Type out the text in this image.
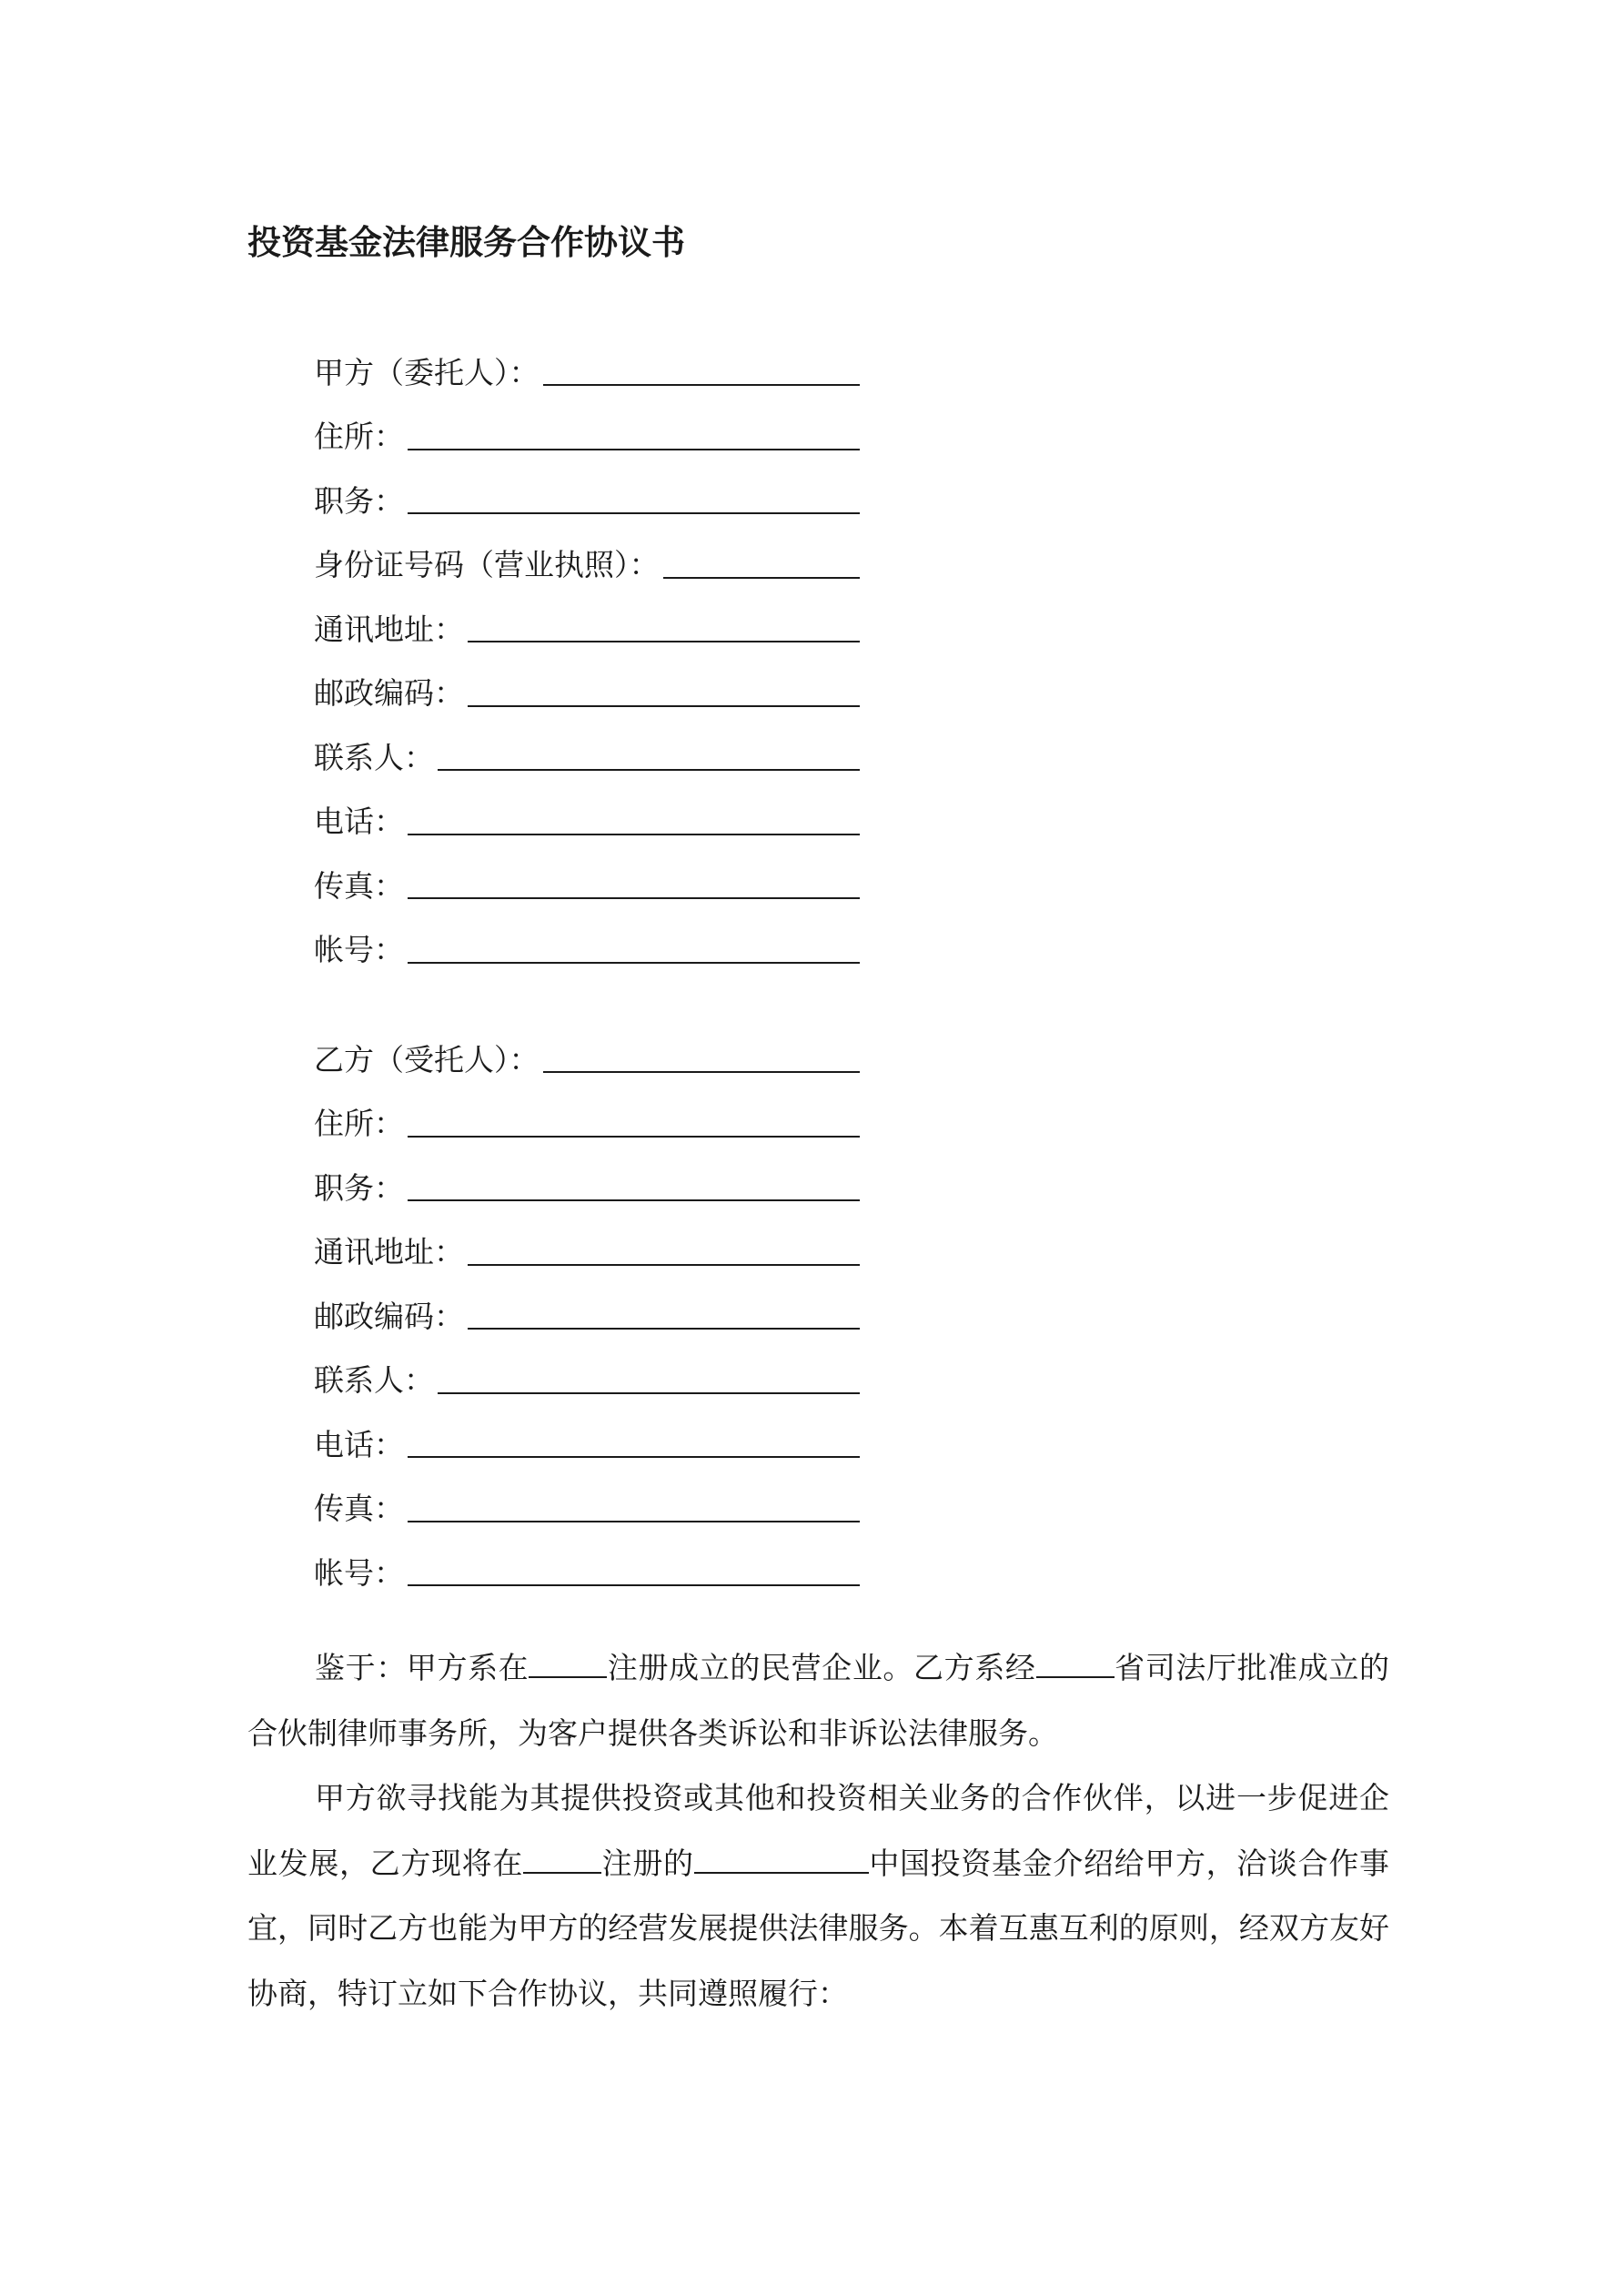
投资基金法律服务合作协议书
甲方（委托人）：
住所：
职务：
身份证号码（营业执照）：
通讯地址：
邮政编码：
联系人：
电话：
传真：
帐号：
乙方（受托人）：
住所：
职务：
通讯地址：
邮政编码：
联系人：
电话：
传真：
帐号：

鉴于：甲方系在	注册成立的民营企业。乙方系经	省司法厅批准成立的合伙制律师事务所，为客户提供各类诉讼和非诉讼法律服务。

甲方欲寻找能为其提供投资或其他和投资相关业务的合作伙伴，以进一步促进企业发展，乙方现将在	注册的	中国投资基金介绍给甲方，洽谈合作事宜，同时乙方也能为甲方的经营发展提供法律服务。本着互惠互利的原则，经双方友好协商，特订立如下合作协议，共同遵照履行：
